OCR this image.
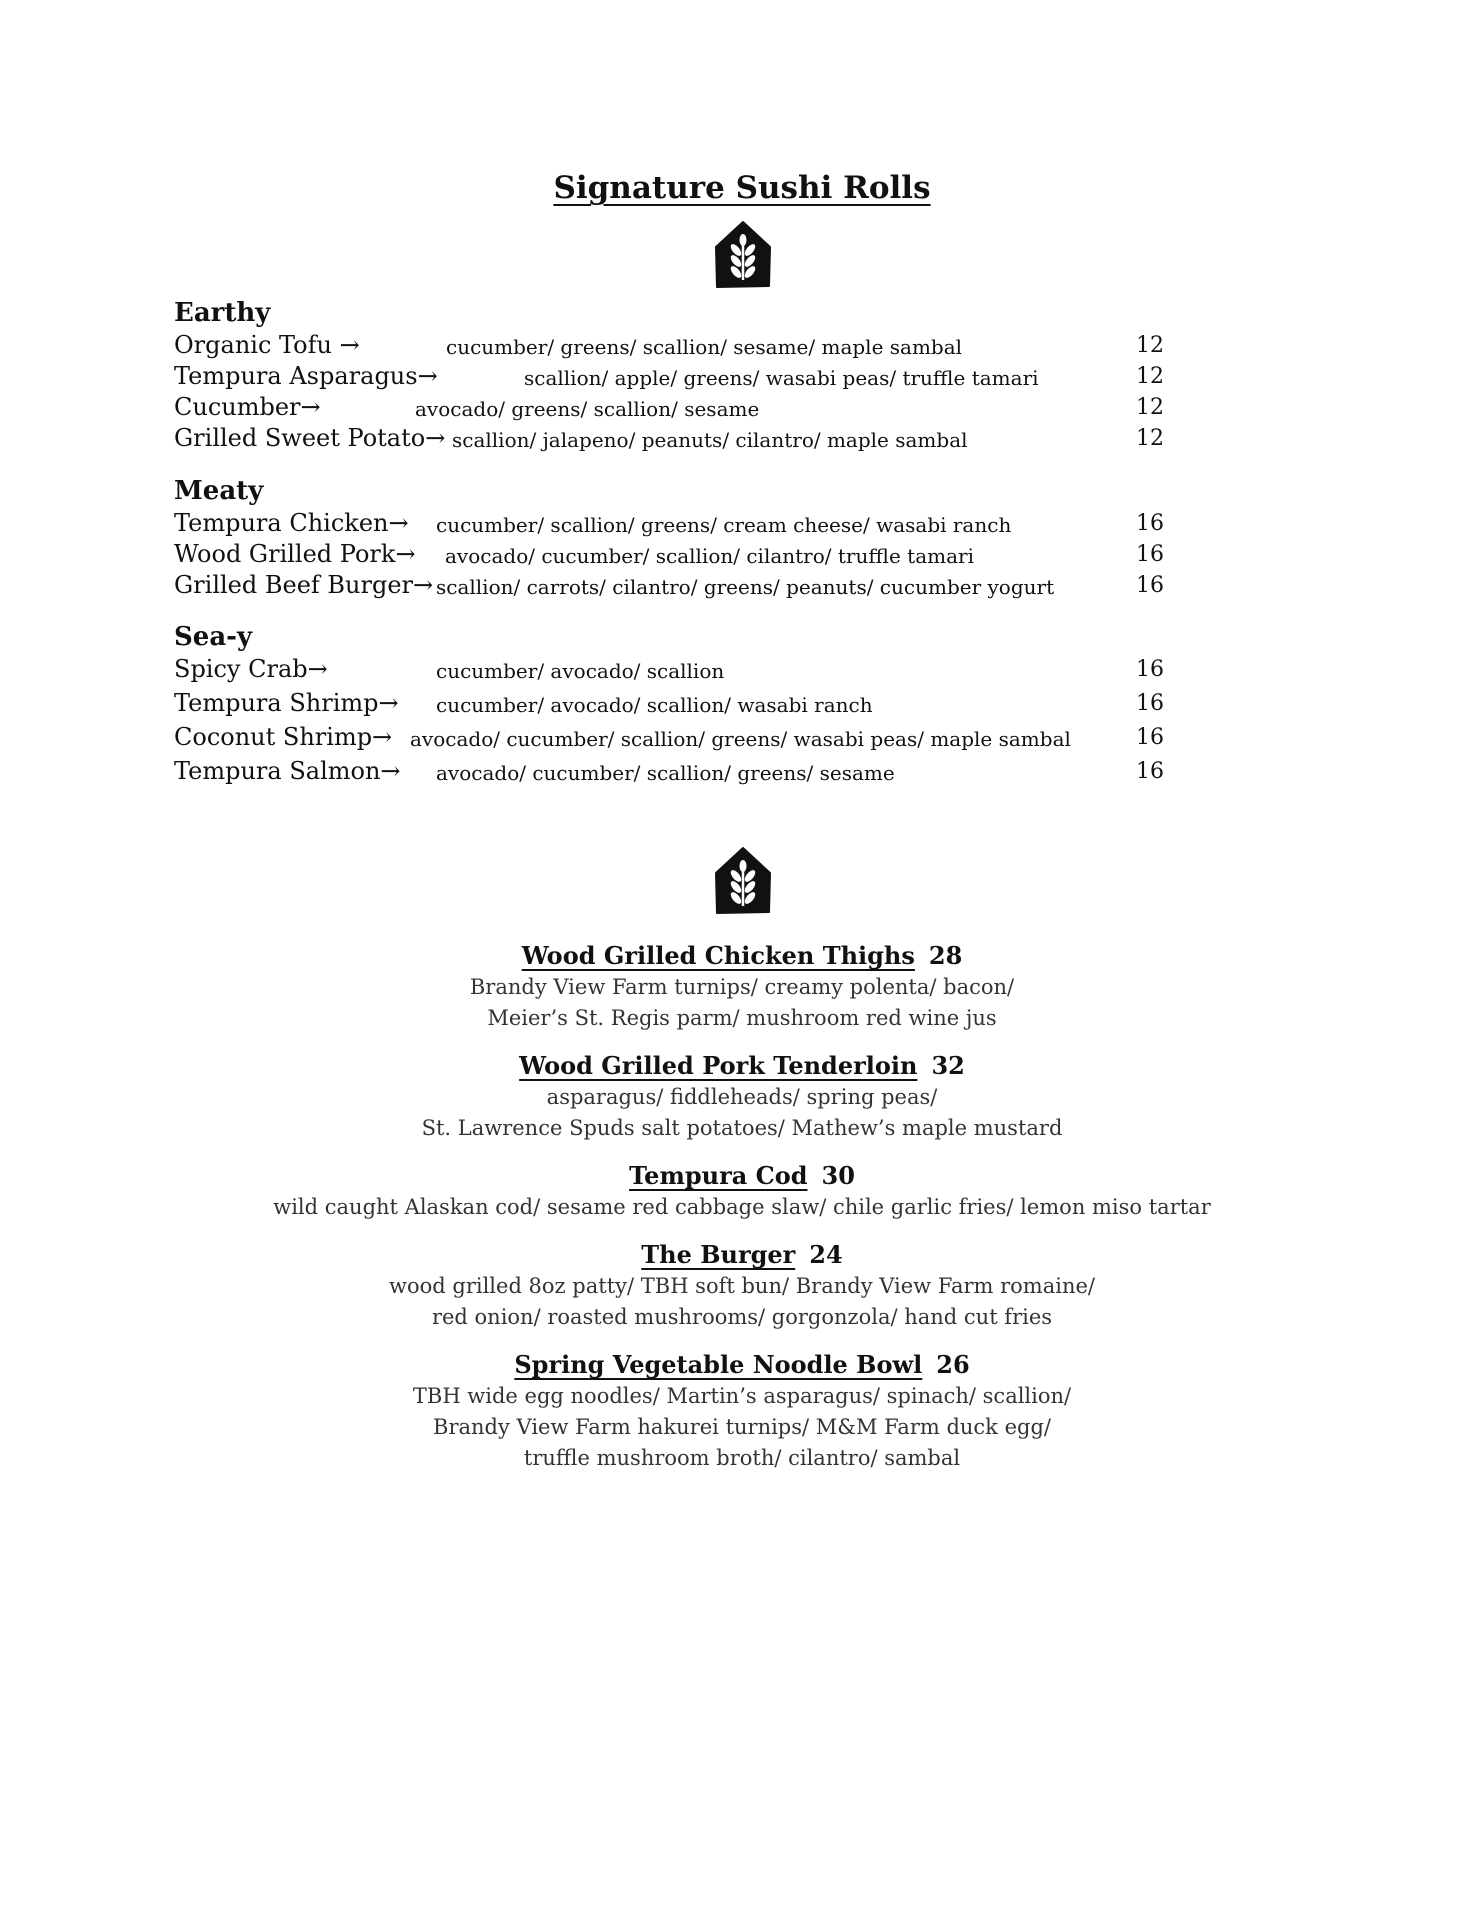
Signature Sushi Rolls
Earthy
Organic Tofu →	cucumber/ greens/ scallion/ sesame/ maple sambal	12
Tempura Asparagus→	scallion/ apple/ greens/ wasabi peas/ truffle tamari	12
Cucumber→	avocado/ greens/ scallion/ sesame	12
Grilled Sweet Potato→ scallion/ jalapeno/ peanuts/ cilantro/ maple sambal	12
Meaty
Tempura Chicken→ cucumber/ scallion/ greens/ cream cheese/ wasabi ranch	16
Wood Grilled Pork→ avocado/ cucumber/ scallion/ cilantro/ truffle tamari	16
Grilled Beef Burger→ scallion/ carrots/ cilantro/ greens/ peanuts/ cucumber yogurt	16
Sea-y
Spicy Crab→	cucumber/ avocado/ scallion	16
Tempura Shrimp→ cucumber/ avocado/ scallion/ wasabi ranch	16
Coconut Shrimp→ avocado/ cucumber/ scallion/ greens/ wasabi peas/ maple sambal	16
Tempura Salmon→ avocado/ cucumber/ scallion/ greens/ sesame	16
Wood Grilled Chicken Thighs 28
Brandy View Farm turnips/ creamy polenta/ bacon/
Meier’s St. Regis parm/ mushroom red wine jus
Wood Grilled Pork Tenderloin 32
asparagus/ fiddleheads/ spring peas/
St. Lawrence Spuds salt potatoes/ Mathew’s maple mustard
Tempura Cod 30
wild caught Alaskan cod/ sesame red cabbage slaw/ chile garlic fries/ lemon miso tartar
The Burger 24
wood grilled 8oz patty/ TBH soft bun/ Brandy View Farm romaine/
red onion/ roasted mushrooms/ gorgonzola/ hand cut fries
Spring Vegetable Noodle Bowl 26
TBH wide egg noodles/ Martin’s asparagus/ spinach/ scallion/
Brandy View Farm hakurei turnips/ M&M Farm duck egg/
truffle mushroom broth/ cilantro/ sambal
